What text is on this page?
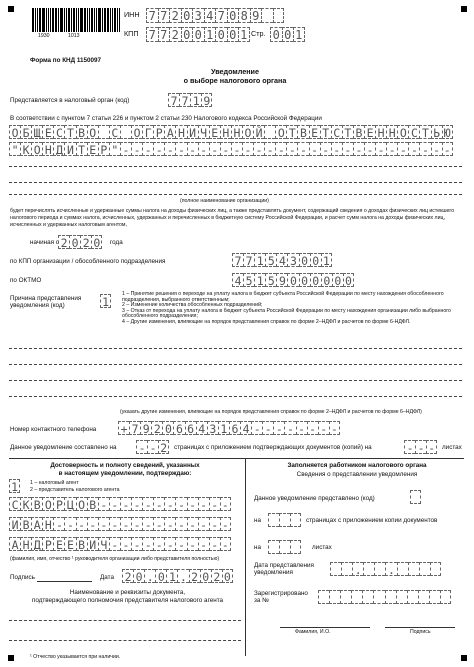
1930	1013
ИНН 7 7 2 0 3 4 7 0 8 9
КПП 7 7 2 0 0 1 0 0 1 Стр. 0 0 1
Форма по КНД 1150097
Уведомление
о выборе налогового органа
Представляется в налоговый орган (код)	7 7 1 9
В соответствии с пунктом 7 статьи 226 и пунктом 2 статьи 230 Налогового кодекса Российской Федерации
О Б Щ Е С Т В О С О Г Р А Н И Ч Е Н Н О Й О Т В Е Т С Т В Е Н Н О С Т Ь Ю
" К О Н Д И Т Е Р " - - - - - - - - - - - - - - - - - - - - - - - - - - - - - -
(полное наименование организации)
будет перечислять исчисленные и удержанные суммы налога на доходы физических лиц, а также представлять документ, содержащий сведения о доходах физических лиц истекшего налогового периода и суммах налога, исчисленных, удержанных и перечисленных в бюджетную систему Российской Федерации, и расчет сумм налога на доходы физических лиц, исчисленных и удержанных налоговым агентом,
начиная с 2 0 2 0	года
по КПП организации / обособленного подразделения	7 7 1 5 4 3 0 0 1
по ОКТМО	4 5 1 5 9 0 0 0 0 0 0
Причина представления уведомления (код)	1
1 – Принятие решения о переходе на уплату налога в бюджет субъекта Российской Федерации по месту нахождения обособленного подразделения, выбранного ответственным;
2 – Изменение количества обособленных подразделений;
3 – Отказ от перехода на уплату налога в бюджет субъекта Российской Федерации по месту нахождения организации либо выбранного обособленного подразделения;
4 – Другие изменения, влияющие на порядок представления справок по форме 2–НДФЛ и расчетов по форме 6-НДФЛ.
(указать другие изменения, влияющие на порядок представления справок по форме 2–НДФЛ и расчетов по форме 6–НДФЛ)
Номер контактного телефона + 7 9 2 0 6 6 4 3 1 6 4 - - - - - - - -
Данное уведомление составлено на - - 2	страницах с приложением подтверждающих документов (копий) на	- - -	листах
Достоверность и полноту сведений, указанных
в настоящем уведомлении, подтверждаю:
1	1 – налоговый агент
2 – представитель налогового агента
С К В О Р Ц О В - - - - - - - - - - - -
И В А Н - - - - - - - - - - - - - - - -
А Н Д Р Е Е В И Ч - - - - - - - - - - -
(фамилия, имя, отчество ¹ руководителя организации либо представителя полностью)
Подпись	Дата 2 0 . 0 1 . 2 0 2 0
Наименование и реквизиты документа,
подтверждающего полномочия представителя налогового агента
¹ Отчество указывается при наличии.
Заполняется работником налогового органа
Сведения о представлении уведомления
Данное уведомление представлено (код)
на	страницах с приложением копии документов
на	листах
Дата представления уведомления	. .
Зарегистрировано за №
Фамилия, И.О.	Подпись
